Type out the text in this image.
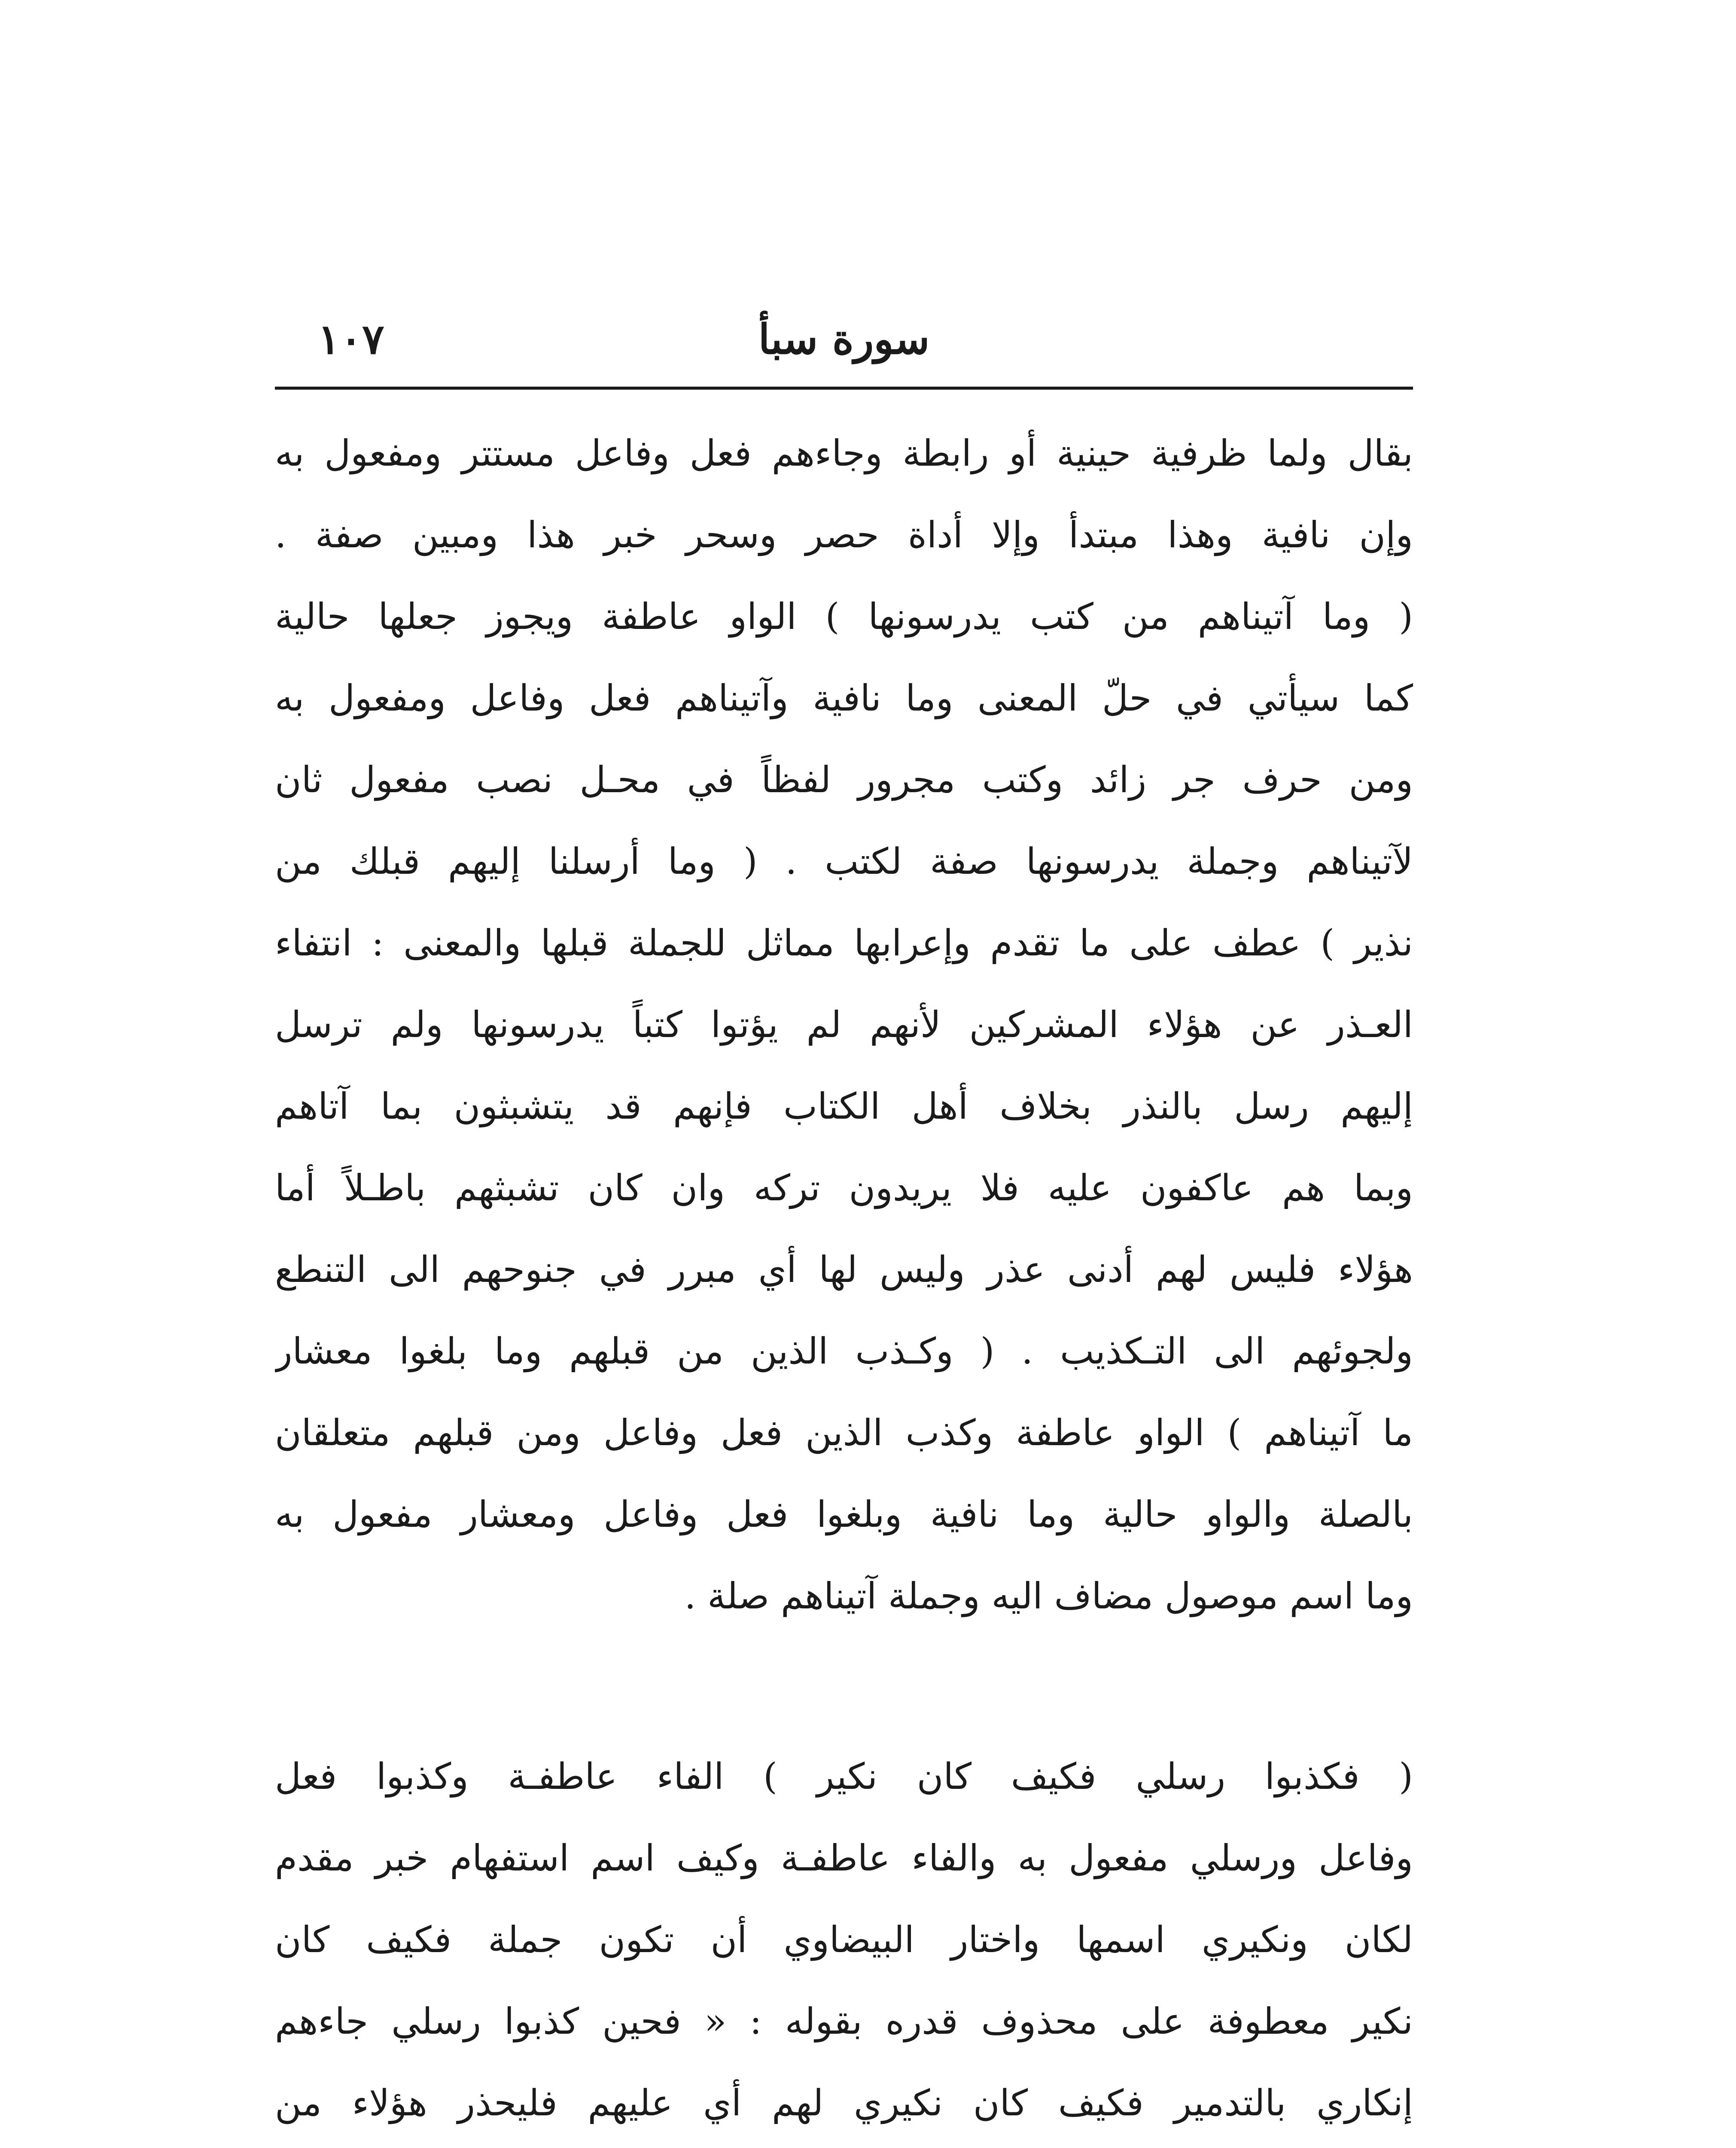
سورة سبأ
١٠٧
بقال ولما ظرفية حينية أو رابطة وجاءهم فعل وفاعل مستتر ومفعول به
وإن نافية وهذا مبتدأ وإلا أداة حصر وسحر خبر هذا ومبين صفة .
( وما آتيناهم من كتب يدرسونها ) الواو عاطفة ويجوز جعلها حالية
كما سيأتي في حلّ المعنى وما نافية وآتيناهم فعل وفاعل ومفعول به
ومن حرف جر زائد وكتب مجرور لفظاً في محـل نصب مفعول ثان
لآتيناهم وجملة يدرسونها صفة لكتب . ( وما أرسلنا إليهم قبلك من
نذير ) عطف على ما تقدم وإعرابها مماثل للجملة قبلها والمعنى : انتفاء
العـذر عن هؤلاء المشركين لأنهم لم يؤتوا كتباً يدرسونها ولم ترسل
إليهم رسل بالنذر بخلاف أهل الكتاب فإنهم قد يتشبثون بما آتاهم
وبما هم عاكفون عليه فلا يريدون تركه وان كان تشبثهم باطـلاً أما
هؤلاء فليس لهم أدنى عذر وليس لها أي مبرر في جنوحهم الى التنطع
ولجوئهم الى التـكذيب . ( وكـذب الذين من قبلهم وما بلغوا معشار
ما آتيناهم ) الواو عاطفة وكذب الذين فعل وفاعل ومن قبلهم متعلقان
بالصلة والواو حالية وما نافية وبلغوا فعل وفاعل ومعشار مفعول به
وما اسم موصول مضاف اليه وجملة آتيناهم صلة .
( فكذبوا رسلي فكيف كان نكير ) الفاء عاطفـة وكذبوا فعل
وفاعل ورسلي مفعول به والفاء عاطفـة وكيف اسم استفهام خبر مقدم
لكان ونكيري اسمها واختار البيضاوي أن تكون جملة فكيف كان
نكير معطوفة على محذوف قدره بقوله : « فحين كذبوا رسلي جاءهم
إنكاري بالتدمير فكيف كان نكيري لهم أي عليهم فليحذر هؤلاء من
